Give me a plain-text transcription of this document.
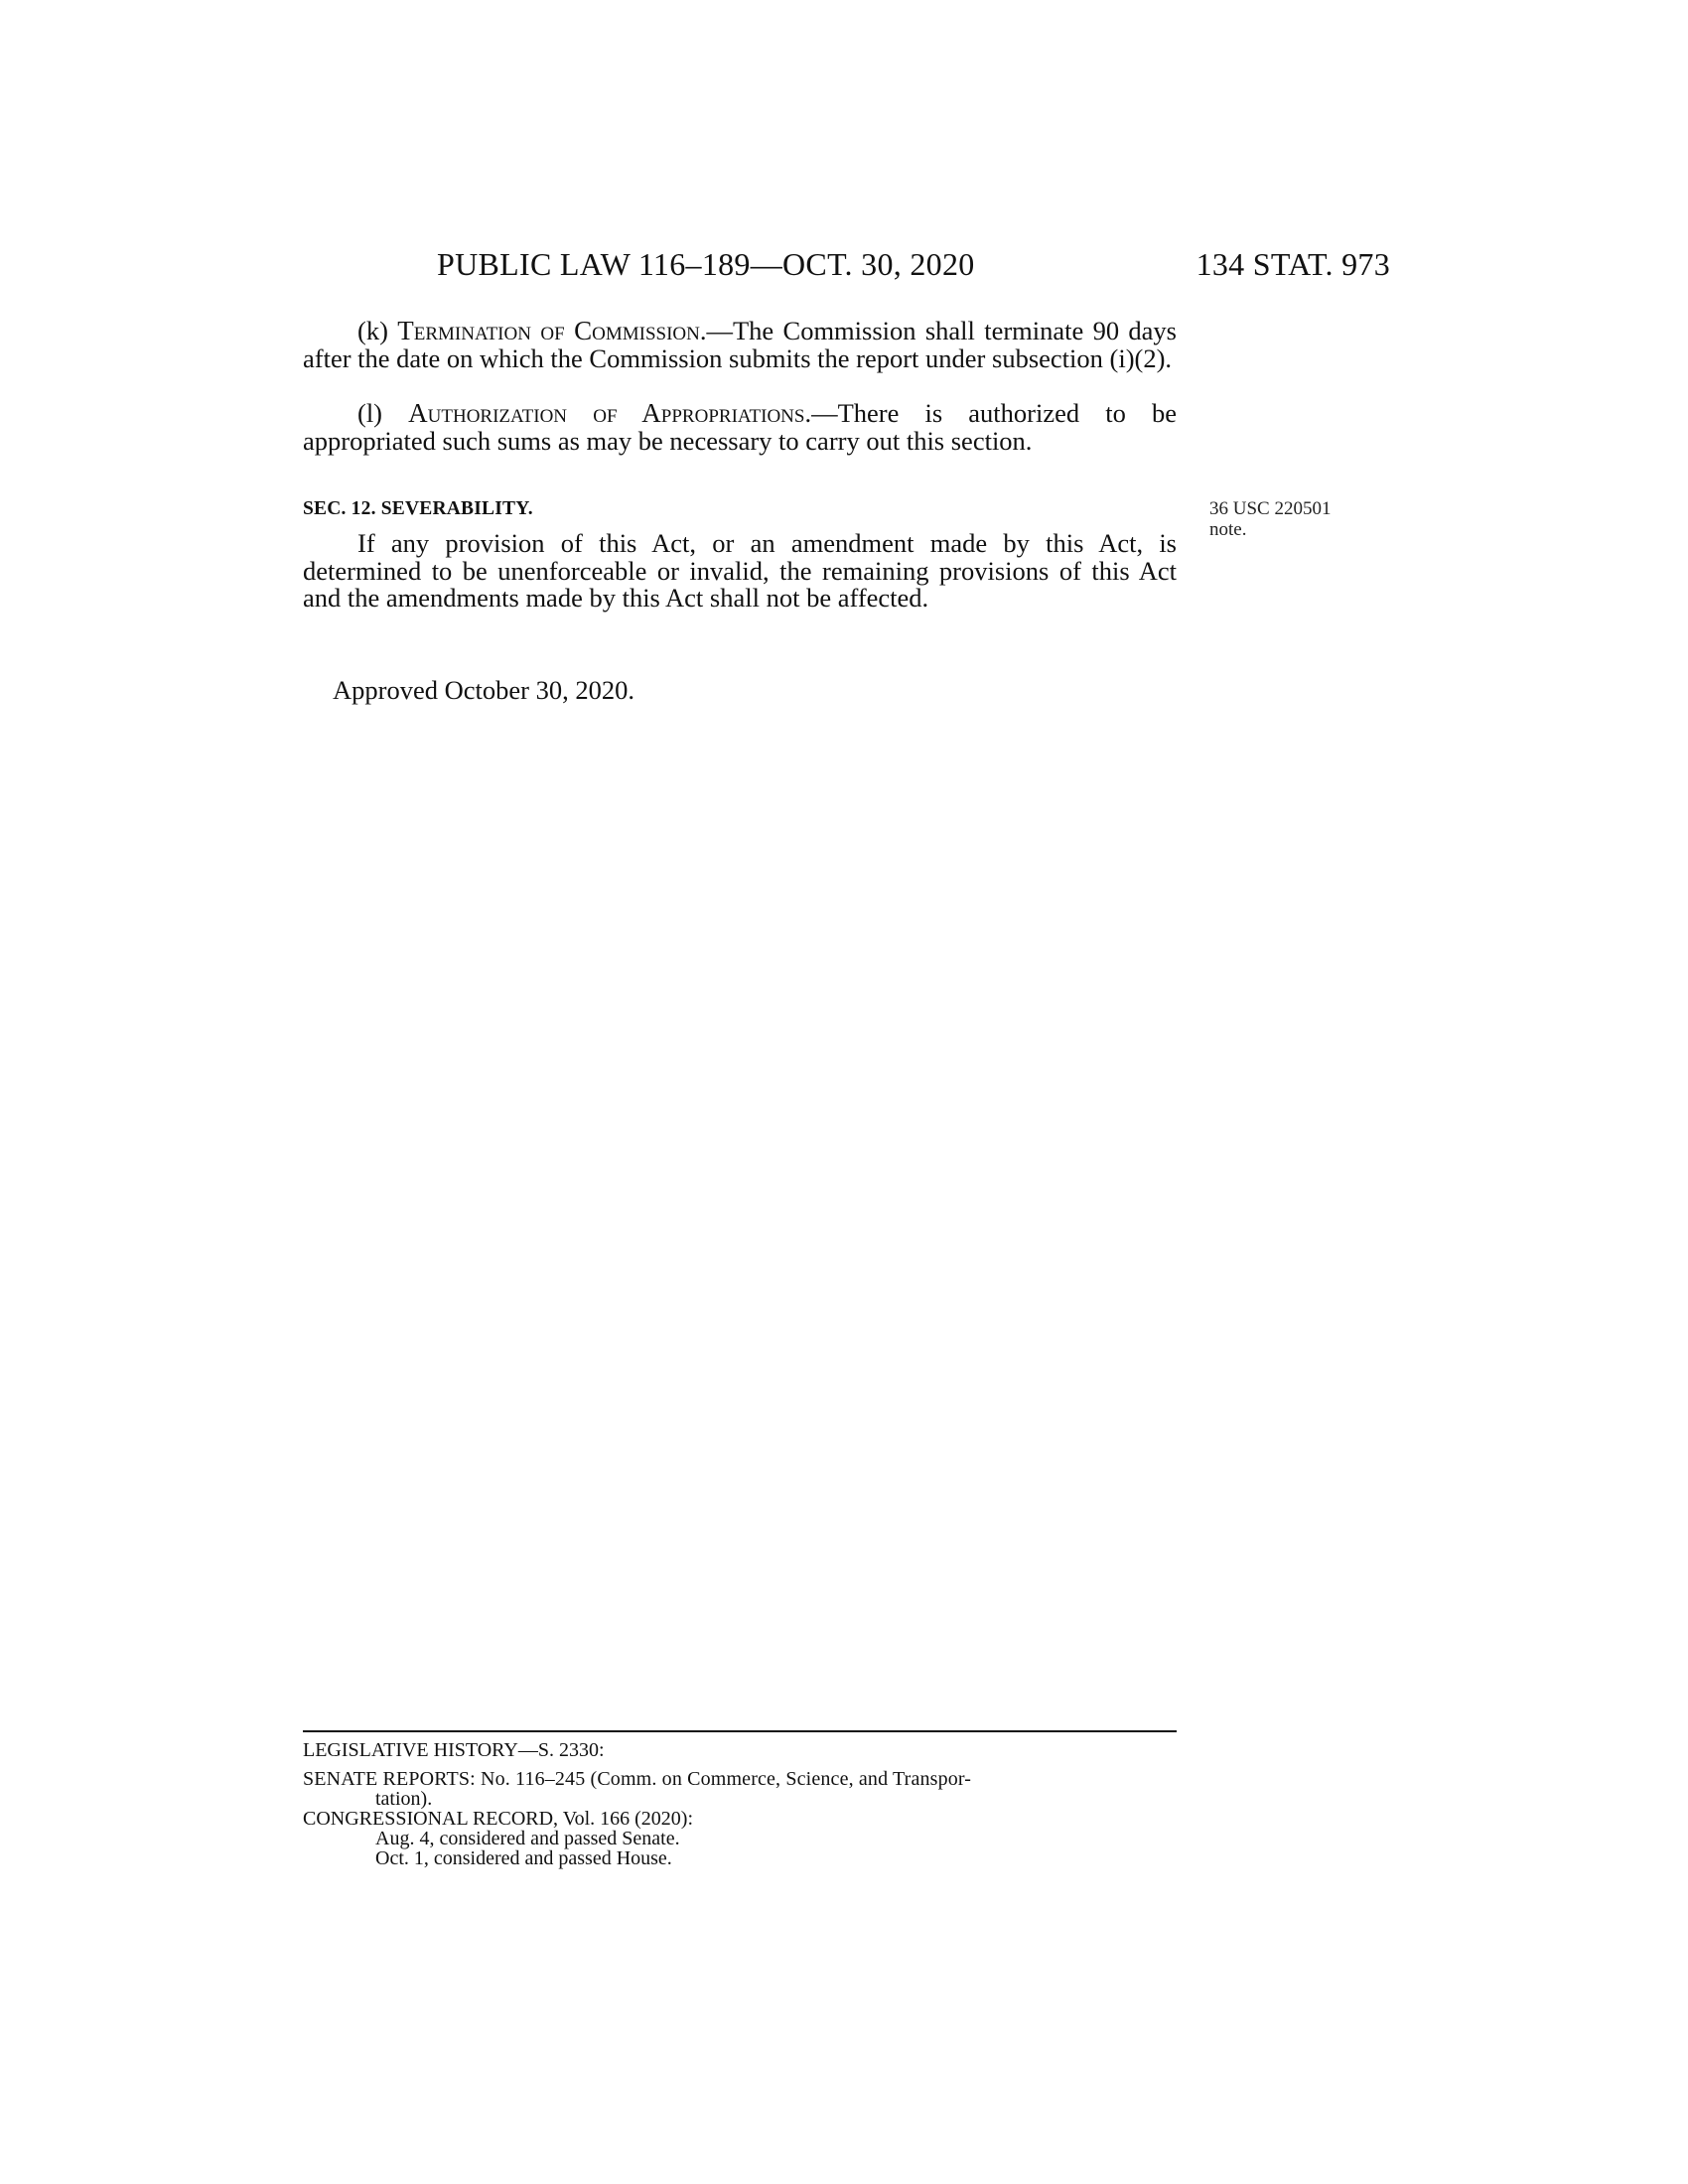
PUBLIC LAW 116–189—OCT. 30, 2020	134 STAT. 973

(k) Termination of Commission.—The Commission shall terminate 90 days after the date on which the Commission submits the report under subsection (i)(2).

(l) Authorization of Appropriations.—There is authorized to be appropriated such sums as may be necessary to carry out this section.

SEC. 12. SEVERABILITY.	36 USC 220501
note.

If any provision of this Act, or an amendment made by this Act, is determined to be unenforceable or invalid, the remaining provisions of this Act and the amendments made by this Act shall not be affected.

Approved October 30, 2020.
LEGISLATIVE HISTORY—S. 2330:
SENATE REPORTS: No. 116–245 (Comm. on Commerce, Science, and Transpor-
tation).
CONGRESSIONAL RECORD, Vol. 166 (2020):
Aug. 4, considered and passed Senate.
Oct. 1, considered and passed House.
